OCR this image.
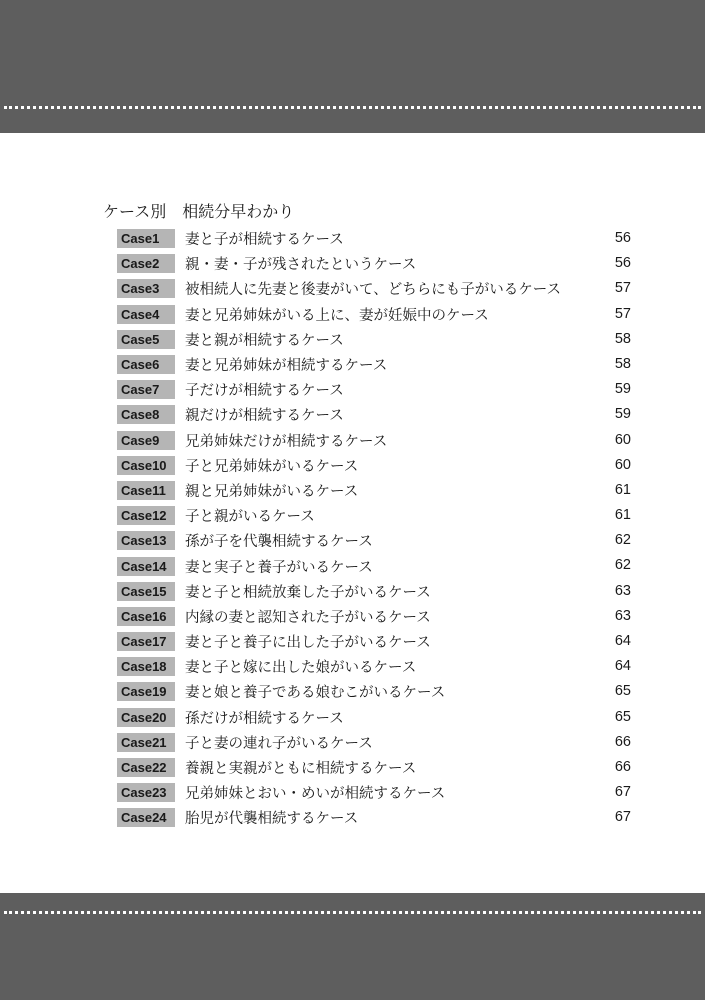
ケース別　相続分早わかり
Case1	妻と子が相続するケース	56
Case2	親・妻・子が残されたというケース	56
Case3	被相続人に先妻と後妻がいて、どちらにも子がいるケース	57
Case4	妻と兄弟姉妹がいる上に、妻が妊娠中のケース	57
Case5	妻と親が相続するケース	58
Case6	妻と兄弟姉妹が相続するケース	58
Case7	子だけが相続するケース	59
Case8	親だけが相続するケース	59
Case9	兄弟姉妹だけが相続するケース	60
Case10	子と兄弟姉妹がいるケース	60
Case11	親と兄弟姉妹がいるケース	61
Case12	子と親がいるケース	61
Case13	孫が子を代襲相続するケース	62
Case14	妻と実子と養子がいるケース	62
Case15	妻と子と相続放棄した子がいるケース	63
Case16	内縁の妻と認知された子がいるケース	63
Case17	妻と子と養子に出した子がいるケース	64
Case18	妻と子と嫁に出した娘がいるケース	64
Case19	妻と娘と養子である娘むこがいるケース	65
Case20	孫だけが相続するケース	65
Case21	子と妻の連れ子がいるケース	66
Case22	養親と実親がともに相続するケース	66
Case23	兄弟姉妹とおい・めいが相続するケース	67
Case24	胎児が代襲相続するケース	67
